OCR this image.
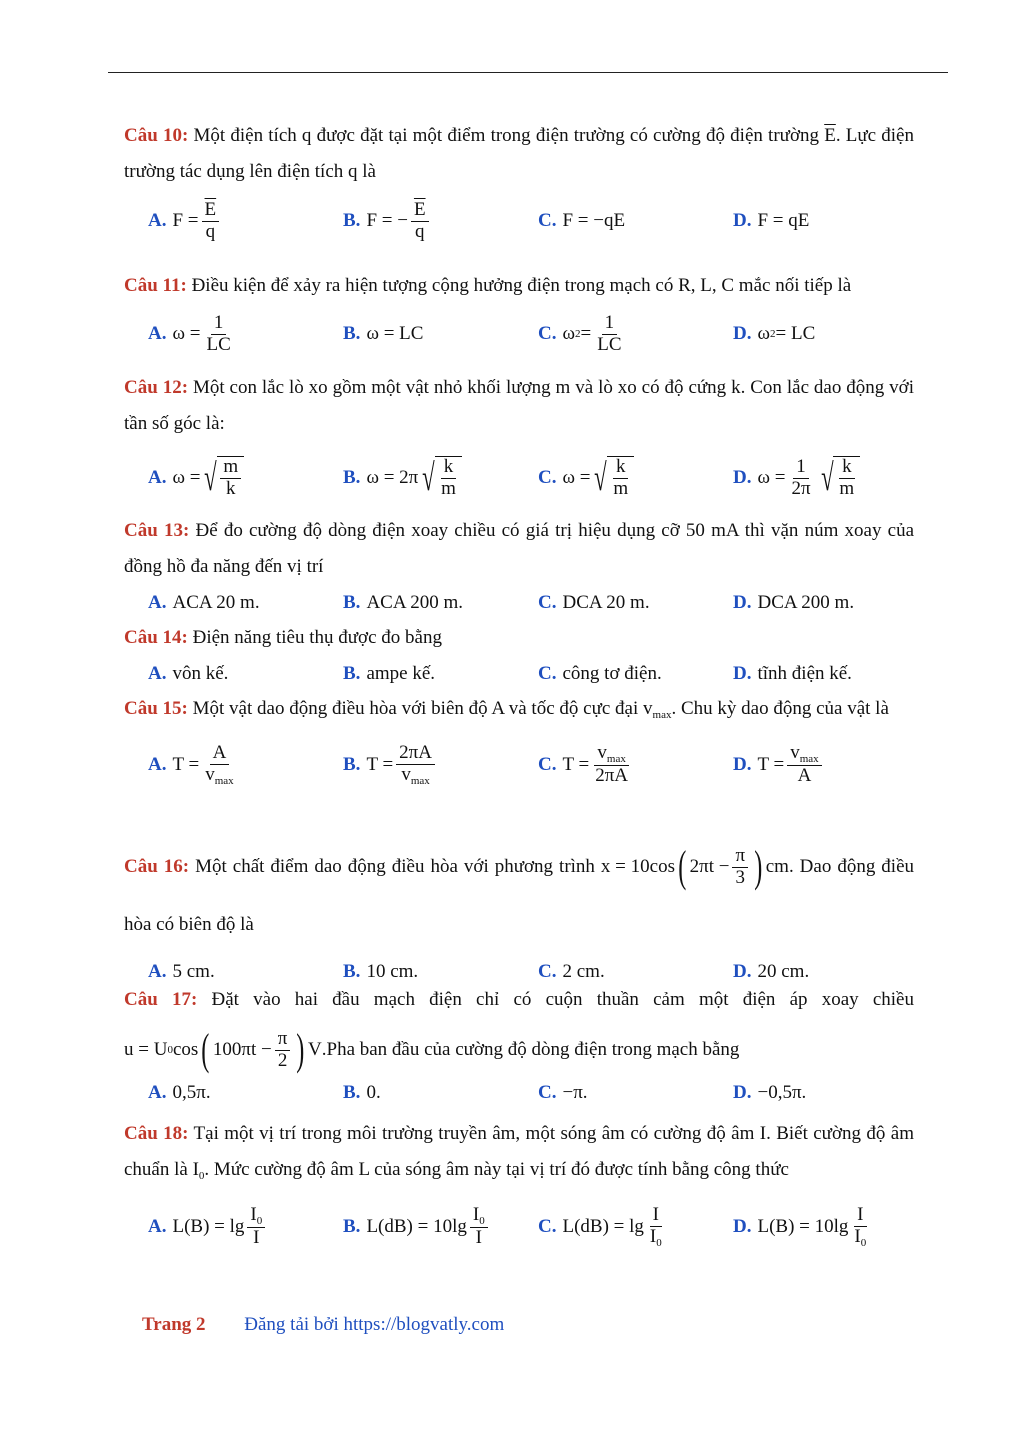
Câu 10: Một điện tích q được đặt tại một điểm trong điện trường có cường độ điện trường $\overline{E}$. Lực điện trường tác dụng lên điện tích q là
A. $F = \frac{\overline{E}}{q}$	B. F = − $\frac{\overline{E}}{q}$	C. F = −qE	D. F = qE
Câu 11: Điều kiện để xảy ra hiện tượng cộng hưởng điện trong mạch có R, L, C mắc nối tiếp là
A. $\omega = \frac{1}{LC}$	B. ω = LC	C. ω $2 = \frac{1}{LC}$	D. ω 2 = LC
Câu 12: Một con lắc lò xo gồm một vật nhỏ khối lượng m và lò xo có độ cứng k. Con lắc dao động với tần số góc là:
A. ω = √ $\frac{m}{k}$	B. ω = 2π √ $\frac{k}{m}$	C. ω = √ $\frac{k}{m}$	D. $\omega = \frac{1}{2\pi}$ √ $\frac{k}{m}$
Câu 13: Để đo cường độ dòng điện xoay chiều có giá trị hiệu dụng cỡ 50 mA thì vặn núm xoay của đồng hồ đa năng đến vị trí
A. ACA 20 m.	B. ACA 200 m.	C. DCA 20 m.	D. DCA 200 m.
Câu 14: Điện năng tiêu thụ được đo bằng
A. vôn kế.	B. ampe kế.	C. công tơ điện.	D. tĩnh điện kế.
Câu 15: Một vật dao động điều hòa với biên độ A và tốc độ cực đại $v_{max}$. Chu kỳ dao động của vật là
A. $T = \frac{A}{v_{max}}$	B. $T = \frac{2\pi A}{v_{max}}$	C. $T = \frac{v_{max}}{2\pi A}$	D. $T = \frac{v_{max}}{A}$
Câu 16: Một chất điểm dao động điều hòa với phương trình x = 10cos ( $2\pi t - \frac{\pi}{3}$ ) cm . Dao động điều hòa có biên độ là
A. 5 cm.	B. 10 cm.	C. 2 cm.	D. 20 cm.
Câu 17: Đặt vào hai đầu mạch điện chỉ có cuộn thuần cảm một điện áp xoay chiều
u = U 0 cos ( $100\pi t - \frac{\pi}{2}$ ) V .Pha ban đầu của cường độ dòng điện trong mạch bằng
A. 0,5π.	B. 0.	C. −π.	D. −0,5π.
Câu 18: Tại một vị trí trong môi trường truyền âm, một sóng âm có cường độ âm I. Biết cường độ âm chuẩn là $I_0$. Mức cường độ âm L của sóng âm này tại vị trí đó được tính bằng công thức
A. $L(B) = \lg \frac{I_0}{I}$	B. $L(dB) = 10\lg \frac{I_0}{I}$	C. $L(dB) = \lg \frac{I}{I_0}$	D. $L(B) = 10\lg \frac{I}{I_0}$
Trang 2 Đăng tải bởi https://blogvatly.com
